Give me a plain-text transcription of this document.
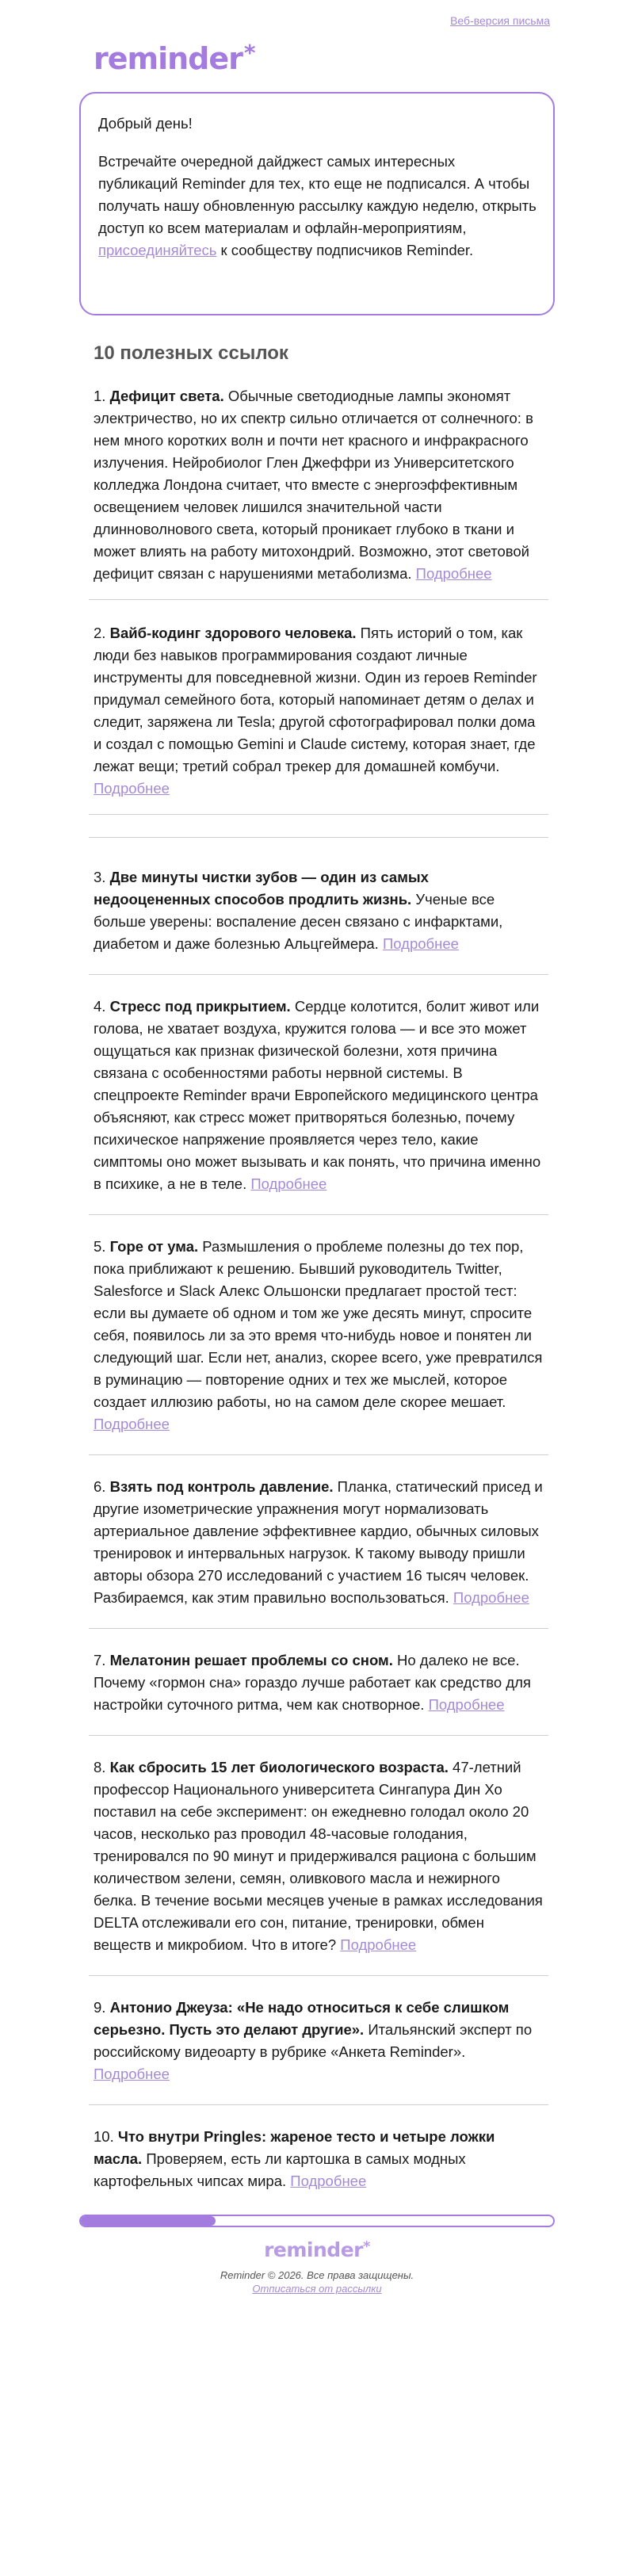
Веб-версия письма
reminder*

Добрый день!

Встречайте очередной дайджест самых интересных публикаций Reminder для тех, кто еще не подписался. А чтобы получать нашу обновленную рассылку каждую неделю, открыть доступ ко всем материалам и офлайн-мероприятиям, присоединяйтесь к сообществу подписчиков Reminder.

10 полезных ссылок

1. Дефицит света. Обычные светодиодные лампы экономят электричество, но их спектр сильно отличается от солнечного: в нем много коротких волн и почти нет красного и инфракрасного излучения. Нейробиолог Глен Джеффри из Университетского колледжа Лондона считает, что вместе с энергоэффективным освещением человек лишился значительной части длинноволнового света, который проникает глубоко в ткани и может влиять на работу митохондрий. Возможно, этот световой дефицит связан с нарушениями метаболизма. Подробнее

2. Вайб-кодинг здорового человека. Пять историй о том, как люди без навыков программирования создают личные инструменты для повседневной жизни. Один из героев Reminder придумал семейного бота, который напоминает детям о делах и следит, заряжена ли Tesla; другой сфотографировал полки дома и создал с помощью Gemini и Claude систему, которая знает, где лежат вещи; третий собрал трекер для домашней комбучи. Подробнее

3. Две минуты чистки зубов — один из самых недооцененных способов продлить жизнь. Ученые все больше уверены: воспаление десен связано с инфарктами, диабетом и даже болезнью Альцгеймера. Подробнее

4. Стресс под прикрытием. Сердце колотится, болит живот или голова, не хватает воздуха, кружится голова — и все это может ощущаться как признак физической болезни, хотя причина связана с особенностями работы нервной системы. В спецпроекте Reminder врачи Европейского медицинского центра объясняют, как стресс может притворяться болезнью, почему психическое напряжение проявляется через тело, какие симптомы оно может вызывать и как понять, что причина именно в психике, а не в теле. Подробнее

5. Горе от ума. Размышления о проблеме полезны до тех пор, пока приближают к решению. Бывший руководитель Twitter, Salesforce и Slack Алекс Ольшонски предлагает простой тест: если вы думаете об одном и том же уже десять минут, спросите себя, появилось ли за это время что-нибудь новое и понятен ли следующий шаг. Если нет, анализ, скорее всего, уже превратился в руминацию — повторение одних и тех же мыслей, которое создает иллюзию работы, но на самом деле скорее мешает. Подробнее

6. Взять под контроль давление. Планка, статический присед и другие изометрические упражнения могут нормализовать артериальное давление эффективнее кардио, обычных силовых тренировок и интервальных нагрузок. К такому выводу пришли авторы обзора 270 исследований с участием 16 тысяч человек. Разбираемся, как этим правильно воспользоваться. Подробнее

7. Мелатонин решает проблемы со сном. Но далеко не все. Почему «гормон сна» гораздо лучше работает как средство для настройки суточного ритма, чем как снотворное. Подробнее

8. Как сбросить 15 лет биологического возраста. 47-летний профессор Национального университета Сингапура Дин Хо поставил на себе эксперимент: он ежедневно голодал около 20 часов, несколько раз проводил 48-часовые голодания, тренировался по 90 минут и придерживался рациона с большим количеством зелени, семян, оливкового масла и нежирного белка. В течение восьми месяцев ученые в рамках исследования DELTA отслеживали его сон, питание, тренировки, обмен веществ и микробиом. Что в итоге? Подробнее

9. Антонио Джеуза: «Не надо относиться к себе слишком серьезно. Пусть это делают другие». Итальянский эксперт по российскому видеоарту в рубрике «Анкета Reminder». Подробнее

10. Что внутри Pringles: жареное тесто и четыре ложки масла. Проверяем, есть ли картошка в самых модных картофельных чипсах мира. Подробнее

reminder*
Reminder © 2026. Все права защищены.
Отписаться от рассылки
